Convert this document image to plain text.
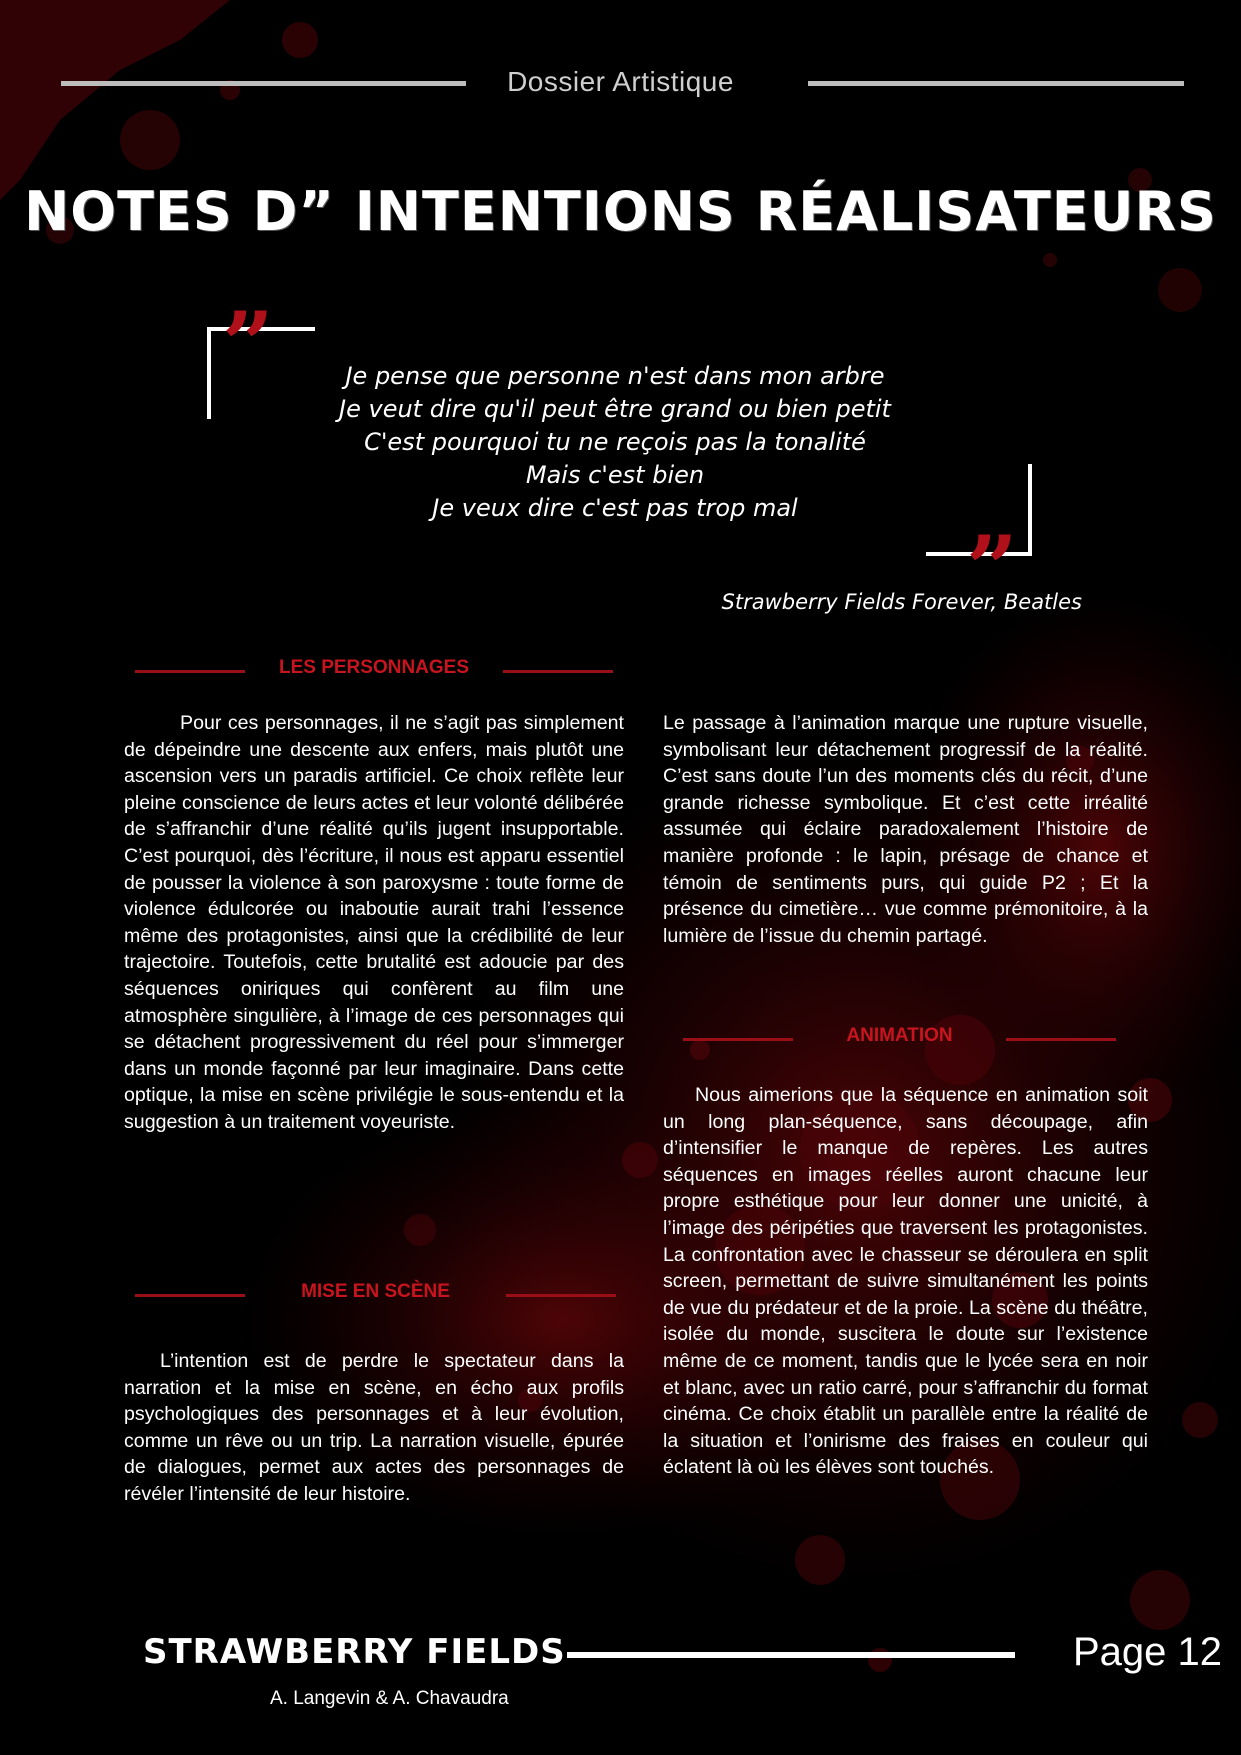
Dossier Artistique
NOTES D” INTENTIONS RÉALISATEURS
”	Je pense que personne n'est dans mon arbre
Je veut dire qu'il peut être grand ou bien petit
C'est pourquoi tu ne reçois pas la tonalité
Mais c'est bien
Je veux dire c'est pas trop mal
”
Strawberry Fields Forever, Beatles
LES PERSONNAGES
Pour ces personnages, il ne s’agit pas simplement de dépeindre une descente aux enfers, mais plutôt une ascension vers un paradis artificiel. Ce choix reflète leur pleine conscience de leurs actes et leur volonté délibérée de s’affranchir d’une réalité qu’ils jugent insupportable. C’est pourquoi, dès l’écriture, il nous est apparu essentiel de pousser la violence à son paroxysme : toute forme de violence édulcorée ou inaboutie aurait trahi l’essence même des protagonistes, ainsi que la crédibilité de leur trajectoire. Toutefois, cette brutalité est adoucie par des séquences oniriques qui confèrent au film une atmosphère singulière, à l’image de ces personnages qui se détachent progressivement du réel pour s’immerger dans un monde façonné par leur imaginaire. Dans cette optique, la mise en scène privilégie le sous-entendu et la suggestion à un traitement voyeuriste.
MISE EN SCÈNE
L’intention est de perdre le spectateur dans la narration et la mise en scène, en écho aux profils psychologiques des personnages et à leur évolution, comme un rêve ou un trip. La narration visuelle, épurée de dialogues, permet aux actes des personnages de révéler l’intensité de leur histoire.
Le passage à l’animation marque une rupture visuelle, symbolisant leur détachement progressif de la réalité. C’est sans doute l’un des moments clés du récit, d’une grande richesse symbolique. Et c’est cette irréalité assumée qui éclaire paradoxalement l’histoire de manière profonde : le lapin, présage de chance et témoin de sentiments purs, qui guide P2 ; Et la présence du cimetière… vue comme prémonitoire, à la lumière de l’issue du chemin partagé.
ANIMATION
Nous aimerions que la séquence en animation soit un long plan-séquence, sans découpage, afin d’intensifier le manque de repères. Les autres séquences en images réelles auront chacune leur propre esthétique pour leur donner une unicité, à l’image des péripéties que traversent les protagonistes. La confrontation avec le chasseur se déroulera en split screen, permettant de suivre simultanément les points de vue du prédateur et de la proie. La scène du théâtre, isolée du monde, suscitera le doute sur l’existence même de ce moment, tandis que le lycée sera en noir et blanc, avec un ratio carré, pour s’affranchir du format cinéma. Ce choix établit un parallèle entre la réalité de la situation et l’onirisme des fraises en couleur qui éclatent là où les élèves sont touchés.
STRAWBERRY FIELDS
A. Langevin & A. Chavaudra
Page 12
